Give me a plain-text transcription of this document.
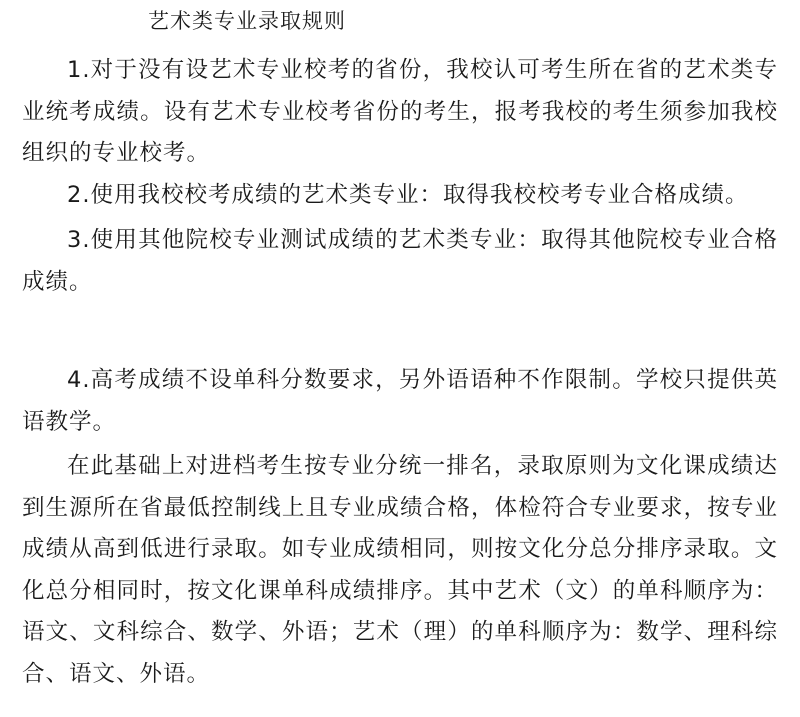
艺术类专业录取规则

1.对于没有设艺术专业校考的省份，我校认可考生所在省的艺术类专业统考成绩。设有艺术专业校考省份的考生，报考我校的考生须参加我校组织的专业校考。

2.使用我校校考成绩的艺术类专业：取得我校校考专业合格成绩。

3.使用其他院校专业测试成绩的艺术类专业：取得其他院校专业合格成绩。

4.高考成绩不设单科分数要求，另外语语种不作限制。学校只提供英语教学。

在此基础上对进档考生按专业分统一排名，录取原则为文化课成绩达到生源所在省最低控制线上且专业成绩合格，体检符合专业要求，按专业成绩从高到低进行录取。如专业成绩相同，则按文化分总分排序录取。文化总分相同时，按文化课单科成绩排序。其中艺术（文）的单科顺序为：语文、文科综合、数学、外语；艺术（理）的单科顺序为：数学、理科综合、语文、外语。
